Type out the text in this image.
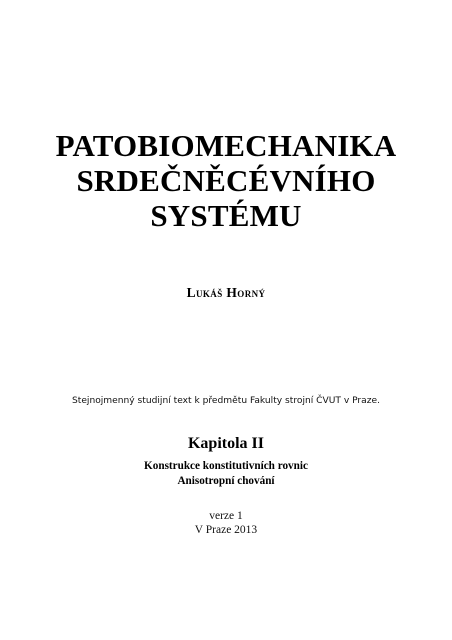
PATOBIOMECHANIKA
SRDEČNĚCÉVNÍHO
SYSTÉMU
Lukáš Horný
Stejnojmenný studijní text k předmětu Fakulty strojní ČVUT v Praze.
Kapitola II
Konstrukce konstitutivních rovnic
Anisotropní chování
verze 1
V Praze 2013
